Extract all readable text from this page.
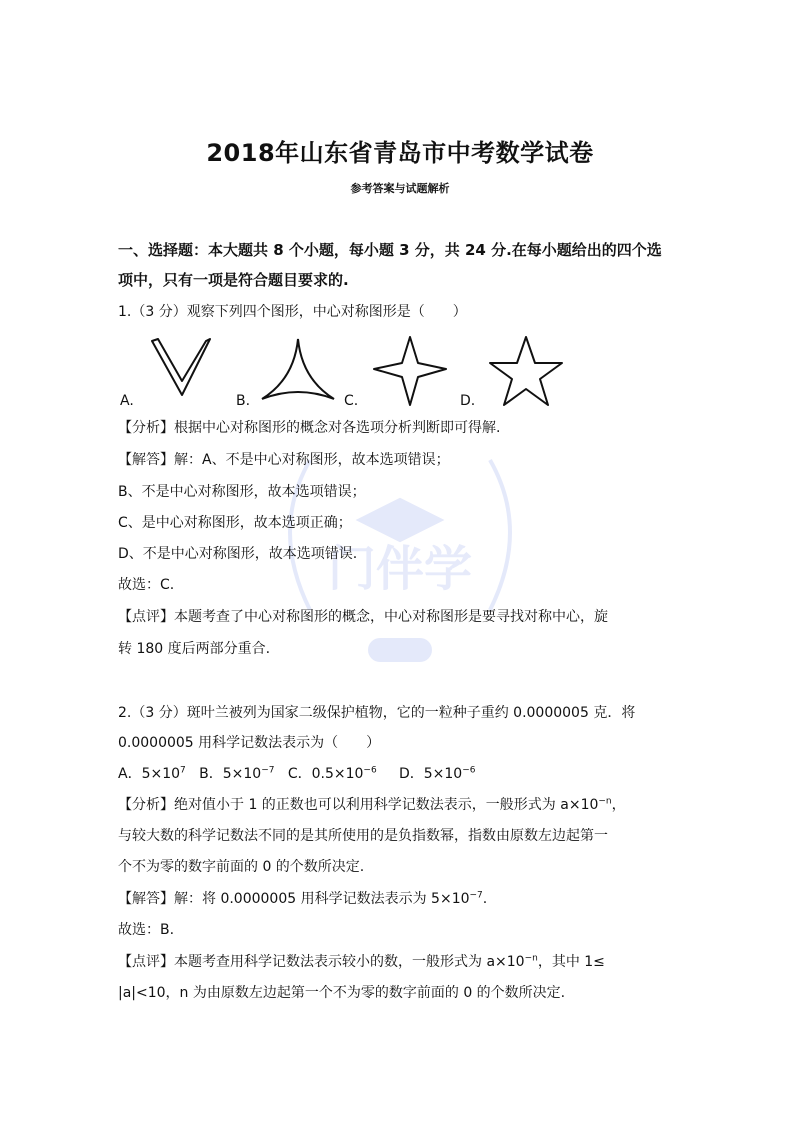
门伴学
2018年山东省青岛市中考数学试卷
参考答案与试题解析
一、选择题：本大题共 8 个小题，每小题 3 分，共 24 分.在每小题给出的四个选
项中，只有一项是符合题目要求的.
1.（3 分）观察下列四个图形，中心对称图形是（　　）
A.	B.	C.	D.
【分析】根据中心对称图形的概念对各选项分析判断即可得解.
【解答】解：A、不是中心对称图形，故本选项错误；
B、不是中心对称图形，故本选项错误；
C、是中心对称图形，故本选项正确；
D、不是中心对称图形，故本选项错误.
故选：C.
【点评】本题考查了中心对称图形的概念，中心对称图形是要寻找对称中心，旋
转 180 度后两部分重合.
2.（3 分）斑叶兰被列为国家二级保护植物，它的一粒种子重约 0.0000005 克．将
0.0000005 用科学记数法表示为（　　）
A．$5\times 10^7$ B．$5\times 10^{-7}$ C．$0.5\times 10^{-6}$ D．$5\times 10^{-6}$
【分析】绝对值小于 1 的正数也可以利用科学记数法表示，一般形式为 $a\times 10^{-n}$，
与较大数的科学记数法不同的是其所使用的是负指数幂，指数由原数左边起第一
个不为零的数字前面的 0 的个数所决定.
【解答】解：将 0.0000005 用科学记数法表示为 $5\times 10^{-7}$.
故选：B.
【点评】本题考查用科学记数法表示较小的数，一般形式为 $a\times 10^{-n}$，其中 1≤
|a|<10，n 为由原数左边起第一个不为零的数字前面的 0 的个数所决定.
